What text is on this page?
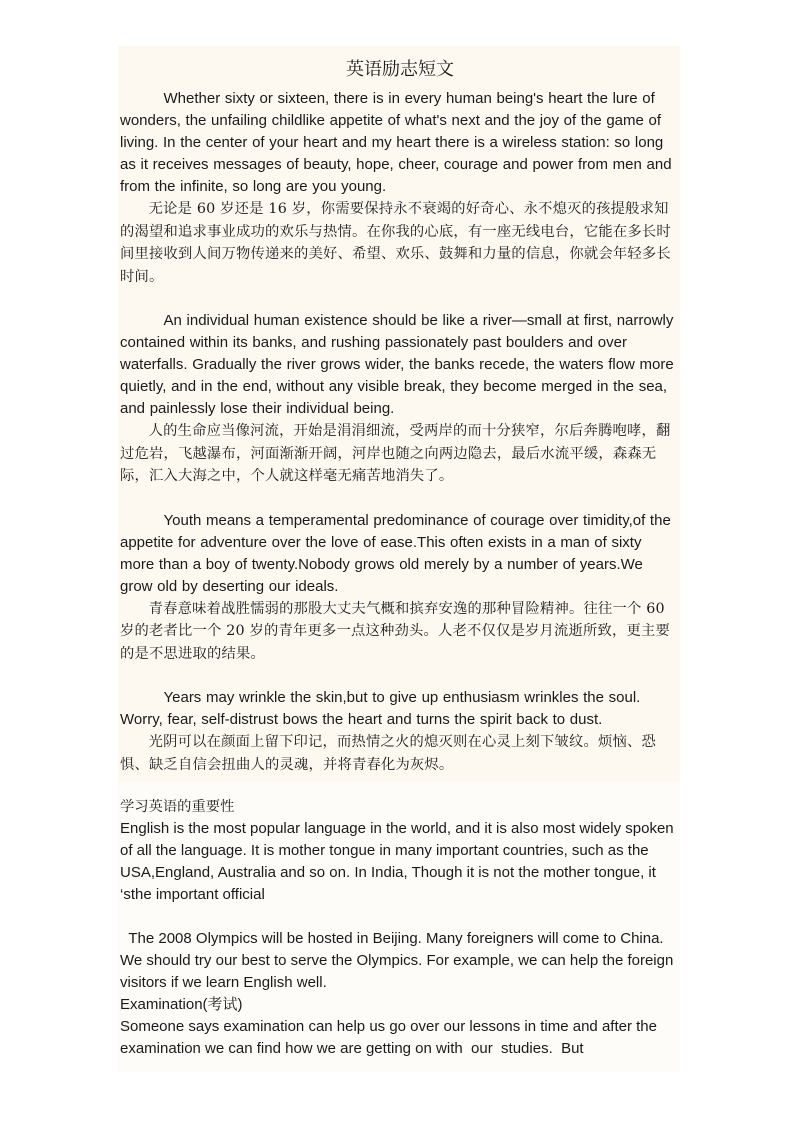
英语励志短文

Whether sixty or sixteen, there is in every human being's heart the lure of wonders, the unfailing childlike appetite of what's next and the joy of the game of living. In the center of your heart and my heart there is a wireless station: so long as it receives messages of beauty, hope, cheer, courage and power from men and from the infinite, so long are you young.

无论是 60 岁还是 16 岁，你需要保持永不衰竭的好奇心、永不熄灭的孩提般求知的渴望和追求事业成功的欢乐与热情。在你我的心底，有一座无线电台，它能在多长时间里接收到人间万物传递来的美好、希望、欢乐、鼓舞和力量的信息，你就会年轻多长时间。

An individual human existence should be like a river—small at first, narrowly contained within its banks, and rushing passionately past boulders and over waterfalls. Gradually the river grows wider, the banks recede, the waters flow more quietly, and in the end, without any visible break, they become merged in the sea, and painlessly lose their individual being.

人的生命应当像河流，开始是涓涓细流，受两岸的而十分狭窄，尔后奔腾咆哮，翻过危岩，飞越瀑布，河面渐渐开阔，河岸也随之向两边隐去，最后水流平缓，森森无际，汇入大海之中，个人就这样毫无痛苦地消失了。

Youth means a temperamental predominance of courage over timidity,of the appetite for adventure over the love of ease.This often exists in a man of sixty more than a boy of twenty.Nobody grows old merely by a number of years.We grow old by deserting our ideals.

青春意味着战胜懦弱的那股大丈夫气概和摈弃安逸的那种冒险精神。往往一个 60 岁的老者比一个 20 岁的青年更多一点这种劲头。人老不仅仅是岁月流逝所致，更主要的是不思进取的结果。

Years may wrinkle the skin,but to give up enthusiasm wrinkles the soul. Worry, fear, self-distrust bows the heart and turns the spirit back to dust.

光阴可以在颜面上留下印记，而热情之火的熄灭则在心灵上刻下皱纹。烦恼、恐惧、缺乏自信会扭曲人的灵魂，并将青春化为灰烬。

学习英语的重要性

English is the most popular language in the world, and it is also most widely spoken of all the language. It is mother tongue in many important countries, such as the USA,England, Australia and so on. In India, Though it is not the mother tongue, it ‘sthe important official

The 2008 Olympics will be hosted in Beijing. Many foreigners will come to China. We should try our best to serve the Olympics. For example, we can help the foreign visitors if we learn English well.

Examination(考试)

Someone says examination can help us go over our lessons in time and after the examination we can find how we are getting on with  our  studies.  But
